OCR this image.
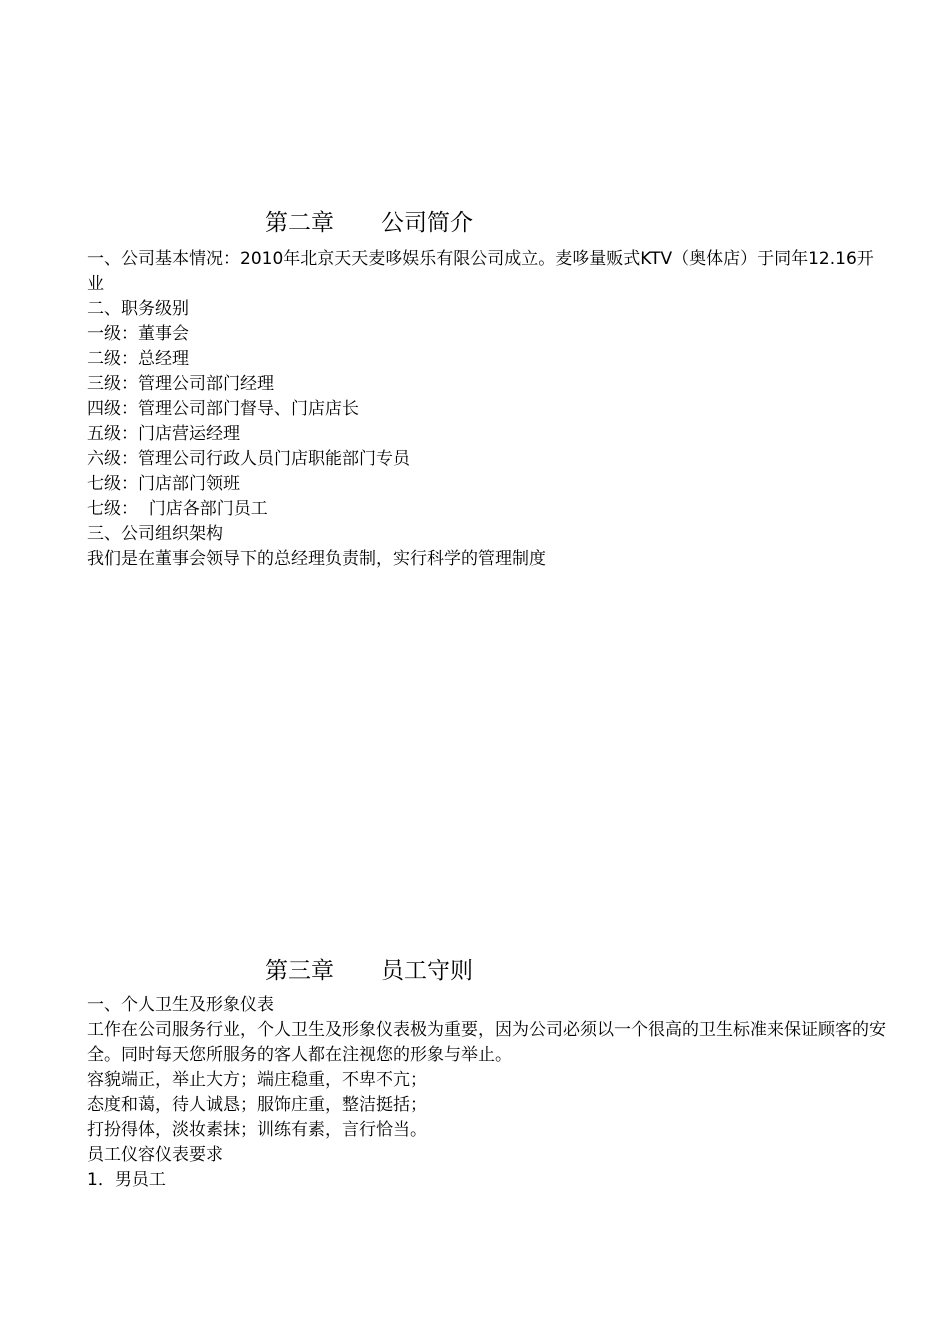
第二章 公司简介
一、公司基本情况：2010年北京天天麦哆娱乐有限公司成立。麦哆量贩式KTV（奥体店）于同年12.16开业
二、职务级别
一级：董事会
二级：总经理
三级：管理公司部门经理
四级：管理公司部门督导、门店店长
五级：门店营运经理
六级：管理公司行政人员门店职能部门专员
七级：门店部门领班
七级：  门店各部门员工
三、公司组织架构
我们是在董事会领导下的总经理负责制，实行科学的管理制度
第三章 员工守则
一、个人卫生及形象仪表
工作在公司服务行业，个人卫生及形象仪表极为重要，因为公司必须以一个很高的卫生标准来保证顾客的安全。同时每天您所服务的客人都在注视您的形象与举止。
容貌端正，举止大方；端庄稳重，不卑不亢；
态度和蔼，待人诚恳；服饰庄重，整洁挺括；
打扮得体，淡妆素抹；训练有素，言行恰当。
员工仪容仪表要求
1．男员工
